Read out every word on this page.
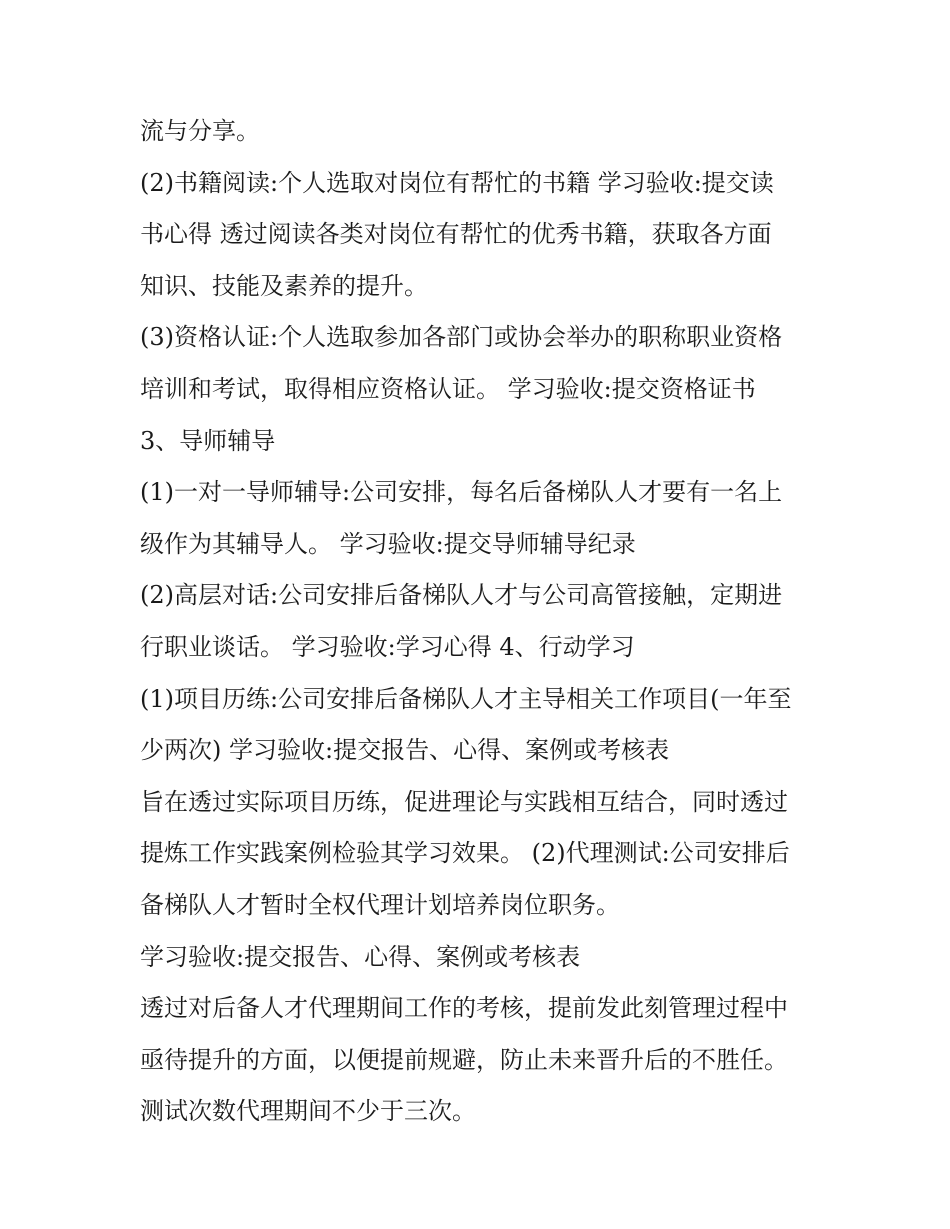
流与分享。
(2)书籍阅读:个人选取对岗位有帮忙的书籍 学习验收:提交读
书心得 透过阅读各类对岗位有帮忙的优秀书籍，获取各方面
知识、技能及素养的提升。
(3)资格认证:个人选取参加各部门或协会举办的职称职业资格
培训和考试，取得相应资格认证。 学习验收:提交资格证书
3、导师辅导
(1)一对一导师辅导:公司安排，每名后备梯队人才要有一名上
级作为其辅导人。 学习验收:提交导师辅导纪录
(2)高层对话:公司安排后备梯队人才与公司高管接触，定期进
行职业谈话。 学习验收:学习心得 4、行动学习
(1)项目历练:公司安排后备梯队人才主导相关工作项目(一年至
少两次) 学习验收:提交报告、心得、案例或考核表
旨在透过实际项目历练，促进理论与实践相互结合，同时透过
提炼工作实践案例检验其学习效果。 (2)代理测试:公司安排后
备梯队人才暂时全权代理计划培养岗位职务。
学习验收:提交报告、心得、案例或考核表
透过对后备人才代理期间工作的考核，提前发此刻管理过程中
亟待提升的方面，以便提前规避，防止未来晋升后的不胜任。
测试次数代理期间不少于三次。
